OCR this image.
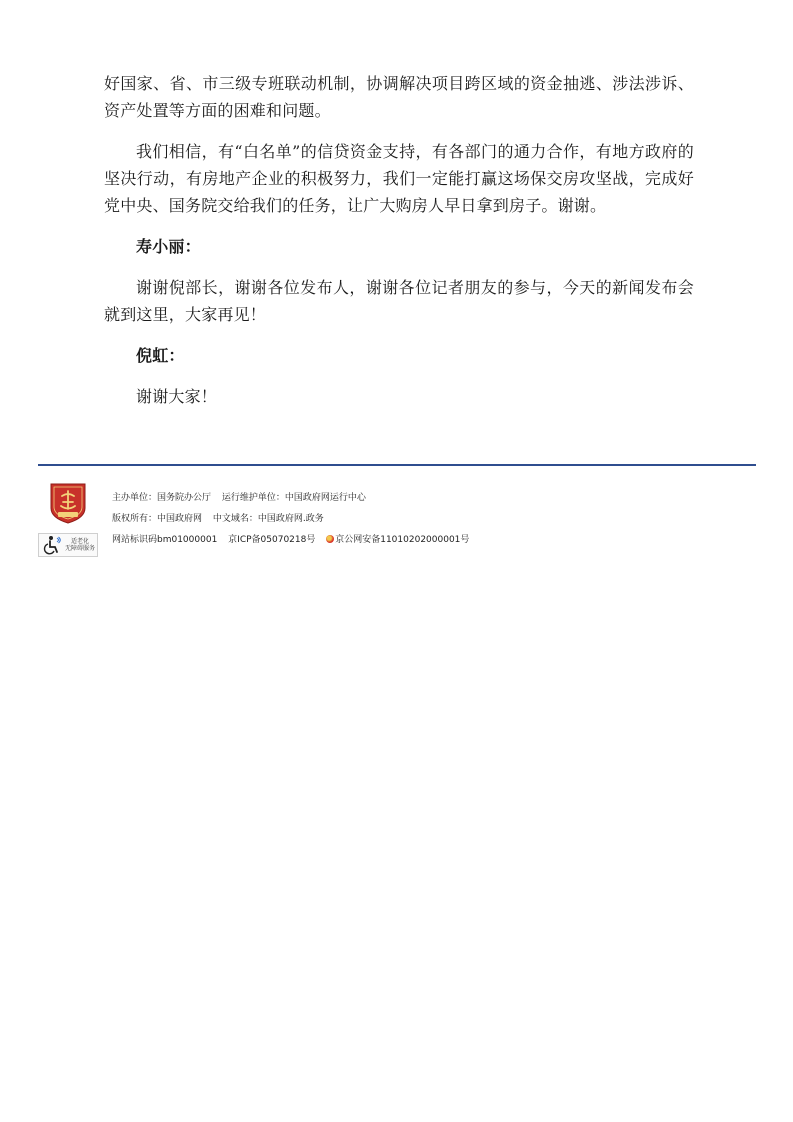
好国家、省、市三级专班联动机制，协调解决项目跨区域的资金抽逃、涉法涉诉、资产处置等方面的困难和问题。

我们相信，有“白名单”的信贷资金支持，有各部门的通力合作，有地方政府的坚决行动，有房地产企业的积极努力，我们一定能打赢这场保交房攻坚战，完成好党中央、国务院交给我们的任务，让广大购房人早日拿到房子。谢谢。

寿小丽：

谢谢倪部长，谢谢各位发布人，谢谢各位记者朋友的参与，今天的新闻发布会就到这里，大家再见！

倪虹：

谢谢大家！

适老化
无障碍服务
主办单位：国务院办公厅 运行维护单位：中国政府网运行中心
版权所有：中国政府网 中文域名：中国政府网.政务
网站标识码bm01000001 京ICP备05070218号 京公网安备11010202000001号
